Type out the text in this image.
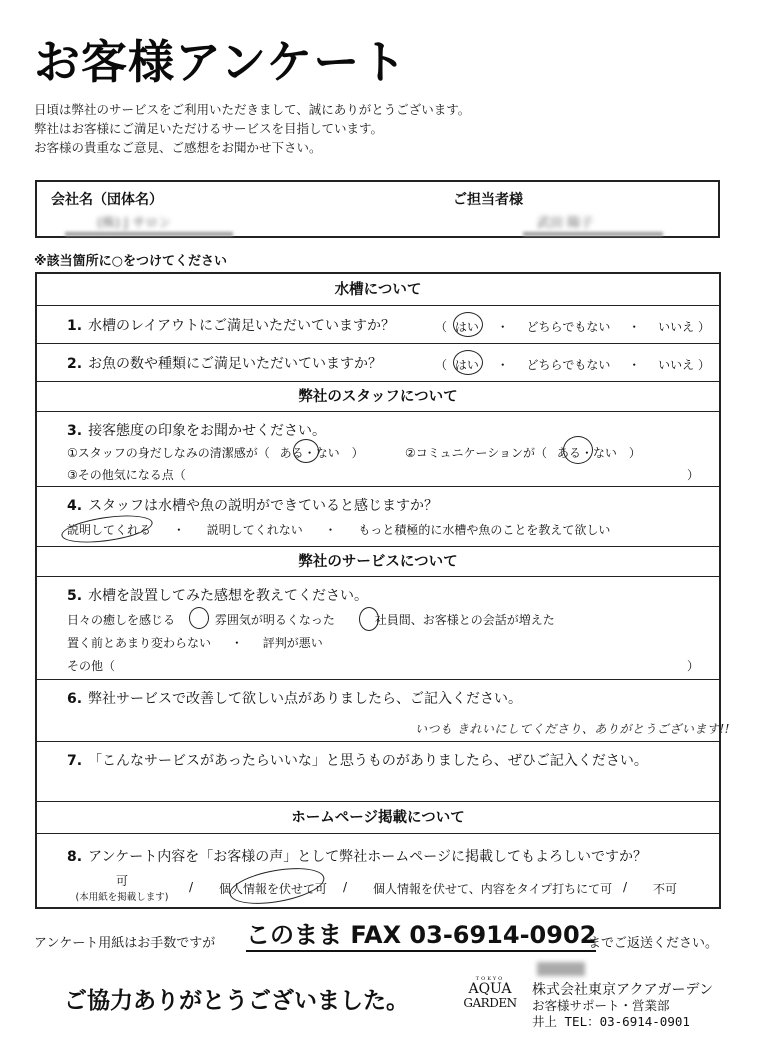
お客様アンケート
日頃は弊社のサービスをご利用いただきまして、誠にありがとうございます。
弊社はお客様にご満足いただけるサービスを目指しています。
お客様の貴重なご意見、ご感想をお聞かせ下さい。
会社名（団体名）
(株) J サロン
ご担当者様
武田 陽子
※該当箇所に○をつけてください
水槽について
1. 水槽のレイアウトにご満足いただいていますか？	（ はい ・ どちらでもない ・ いいえ ）
2. お魚の数や種類にご満足いただいていますか？	（ はい ・ どちらでもない ・ いいえ ）
弊社のスタッフについて
3. 接客態度の印象をお聞かせください。
①スタッフの身だしなみの清潔感が（ ある・ない　）	②コミュニケーションが（ ある・ない　）
③その他気になる点（	）
4. スタッフは水槽や魚の説明ができていると感じますか？
説明してくれる ・ 説明してくれない ・ もっと積極的に水槽や魚のことを教えて欲しい
弊社のサービスについて
5. 水槽を設置してみた感想を教えてください。
日々の癒しを感じる	雰囲気が明るくなった	社員間、お客様との会話が増えた
置く前とあまり変わらない ・ 評判が悪い
その他（	）
6. 弊社サービスで改善して欲しい点がありましたら、ご記入ください。
いつも きれいにしてくださり、ありがとうございます!!
7. 「こんなサービスがあったらいいな」と思うものがありましたら、ぜひご記入ください。
ホームページ掲載について
8. アンケート内容を「お客様の声」として弊社ホームページに掲載してもよろしいですか？
可
(本用紙を掲載します)
/ 個人情報を伏せて可 / 個人情報を伏せて、内容をタイプ打ちにて可 / 不可
アンケート用紙はお手数ですが このまま FAX 03-6914-0902
までご返送ください。
ご協力ありがとうございました。
TOKYO
AQUA
GARDEN
株式会社東京アクアガーデン
お客様サポート・営業部
井上 TEL：03-6914-0901
